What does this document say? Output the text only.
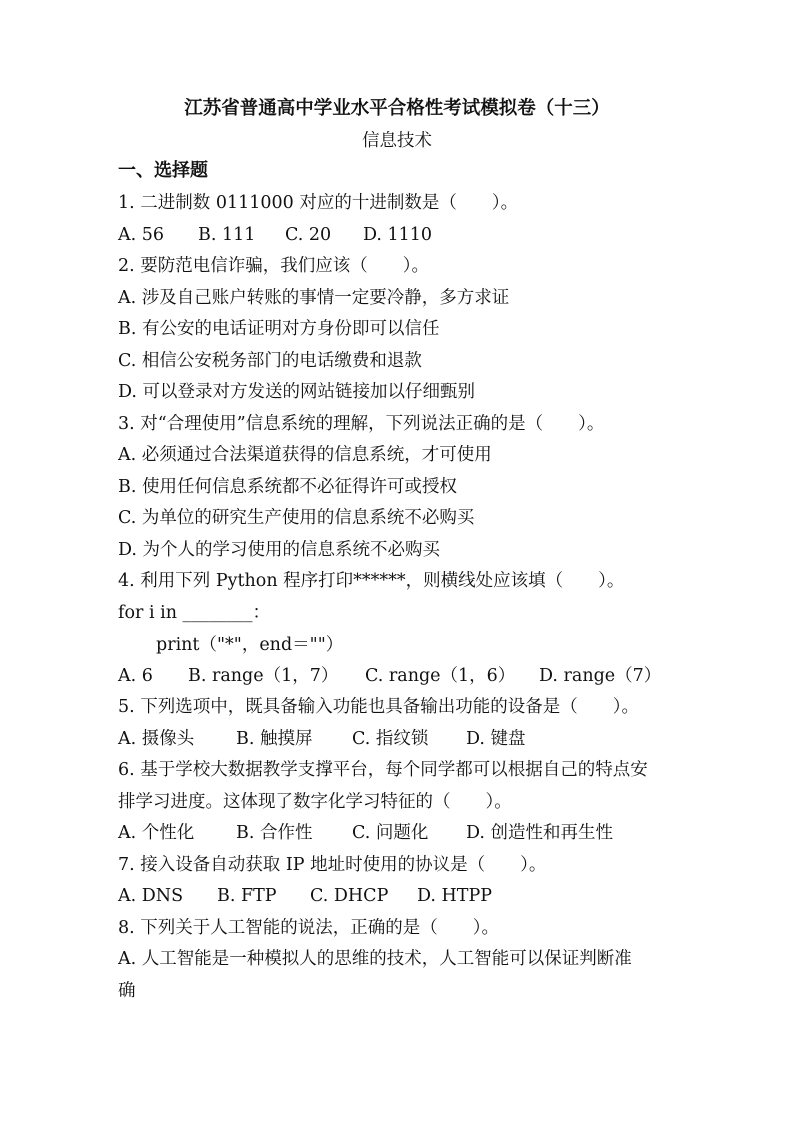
江苏省普通高中学业水平合格性考试模拟卷（十三）
信息技术
一、选择题
1. 二进制数 0111000 对应的十进制数是（　　）。
A. 56 B. 111 C. 20 D. 1110
2. 要防范电信诈骗，我们应该（　　）。
A. 涉及自己账户转账的事情一定要冷静，多方求证
B. 有公安的电话证明对方身份即可以信任
C. 相信公安税务部门的电话缴费和退款
D. 可以登录对方发送的网站链接加以仔细甄别
3. 对“合理使用”信息系统的理解，下列说法正确的是（　　）。
A. 必须通过合法渠道获得的信息系统，才可使用
B. 使用任何信息系统都不必征得许可或授权
C. 为单位的研究生产使用的信息系统不必购买
D. 为个人的学习使用的信息系统不必购买
4. 利用下列 Python 程序打印******，则横线处应该填（　　）。
for i in ________：
print（"*"，end＝""）
A. 6 B. range（1，7） C. range（1，6） D. range（7）
5. 下列选项中，既具备输入功能也具备输出功能的设备是（　　）。
A. 摄像头 B. 触摸屏 C. 指纹锁 D. 键盘
6. 基于学校大数据教学支撑平台，每个同学都可以根据自己的特点安
排学习进度。这体现了数字化学习特征的（　　）。
A. 个性化 B. 合作性 C. 问题化 D. 创造性和再生性
7. 接入设备自动获取 IP 地址时使用的协议是（　　）。
A. DNS B. FTP C. DHCP D. HTPP
8. 下列关于人工智能的说法，正确的是（　　）。
A. 人工智能是一种模拟人的思维的技术，人工智能可以保证判断准
确
